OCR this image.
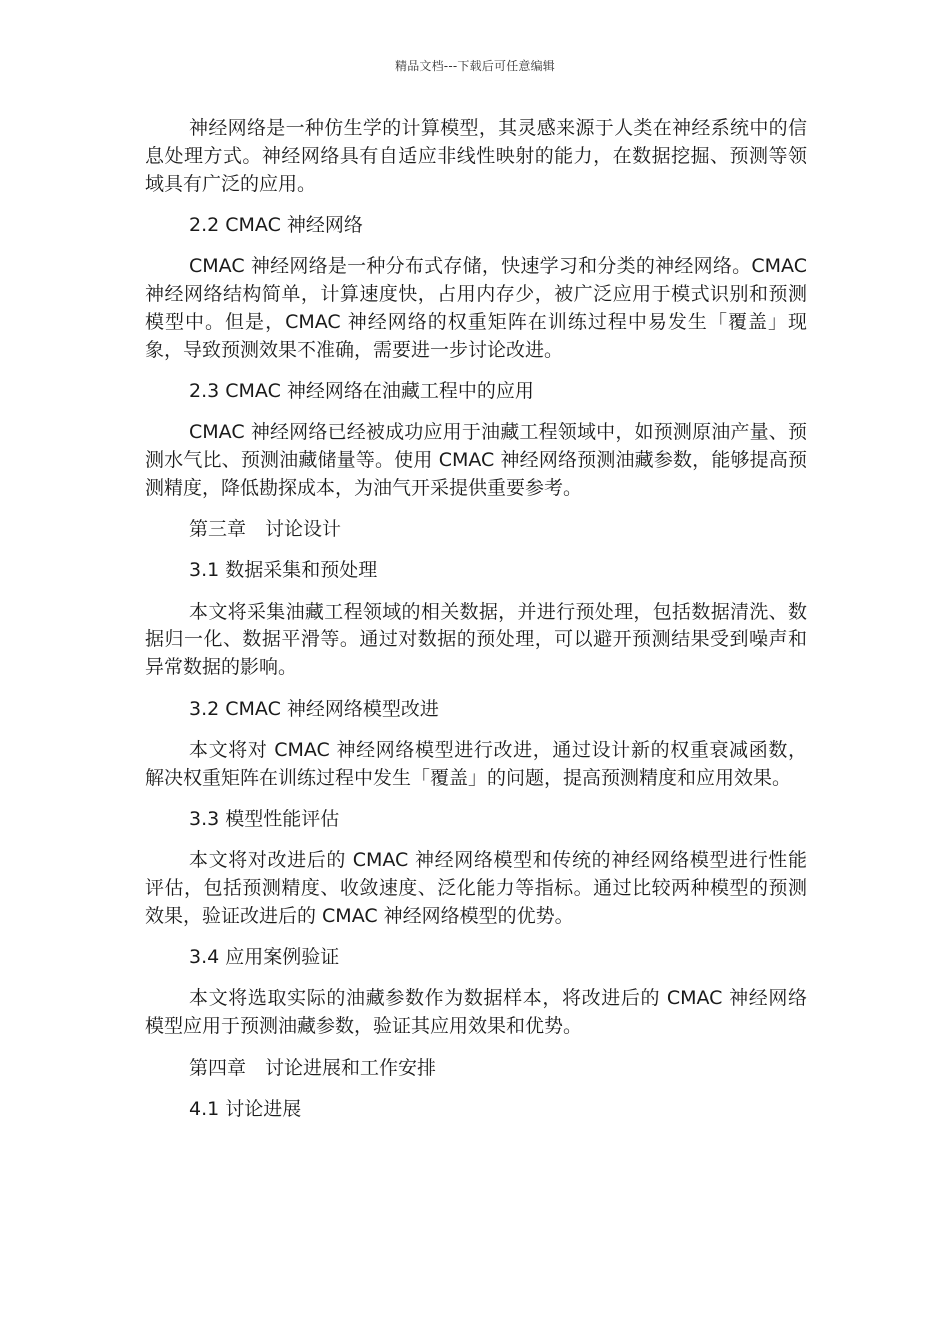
精品文档---下载后可任意编辑

神经网络是一种仿生学的计算模型，其灵感来源于人类在神经系统中的信息处理方式。神经网络具有自适应非线性映射的能力，在数据挖掘、预测等领域具有广泛的应用。

2.2 CMAC 神经网络

CMAC 神经网络是一种分布式存储，快速学习和分类的神经网络。CMAC 神经网络结构简单，计算速度快，占用内存少，被广泛应用于模式识别和预测模型中。但是，CMAC 神经网络的权重矩阵在训练过程中易发生「覆盖」现象，导致预测效果不准确，需要进一步讨论改进。

2.3 CMAC 神经网络在油藏工程中的应用

CMAC 神经网络已经被成功应用于油藏工程领域中，如预测原油产量、预测水气比、预测油藏储量等。使用 CMAC 神经网络预测油藏参数，能够提高预测精度，降低勘探成本，为油气开采提供重要参考。

第三章　讨论设计
3.1 数据采集和预处理

本文将采集油藏工程领域的相关数据，并进行预处理，包括数据清洗、数据归一化、数据平滑等。通过对数据的预处理，可以避开预测结果受到噪声和异常数据的影响。

3.2 CMAC 神经网络模型改进

本文将对 CMAC 神经网络模型进行改进，通过设计新的权重衰减函数，解决权重矩阵在训练过程中发生「覆盖」的问题，提高预测精度和应用效果。

3.3 模型性能评估

本文将对改进后的 CMAC 神经网络模型和传统的神经网络模型进行性能评估，包括预测精度、收敛速度、泛化能力等指标。通过比较两种模型的预测效果，验证改进后的 CMAC 神经网络模型的优势。

3.4 应用案例验证

本文将选取实际的油藏参数作为数据样本，将改进后的 CMAC 神经网络模型应用于预测油藏参数，验证其应用效果和优势。

第四章　讨论进展和工作安排
4.1 讨论进展
